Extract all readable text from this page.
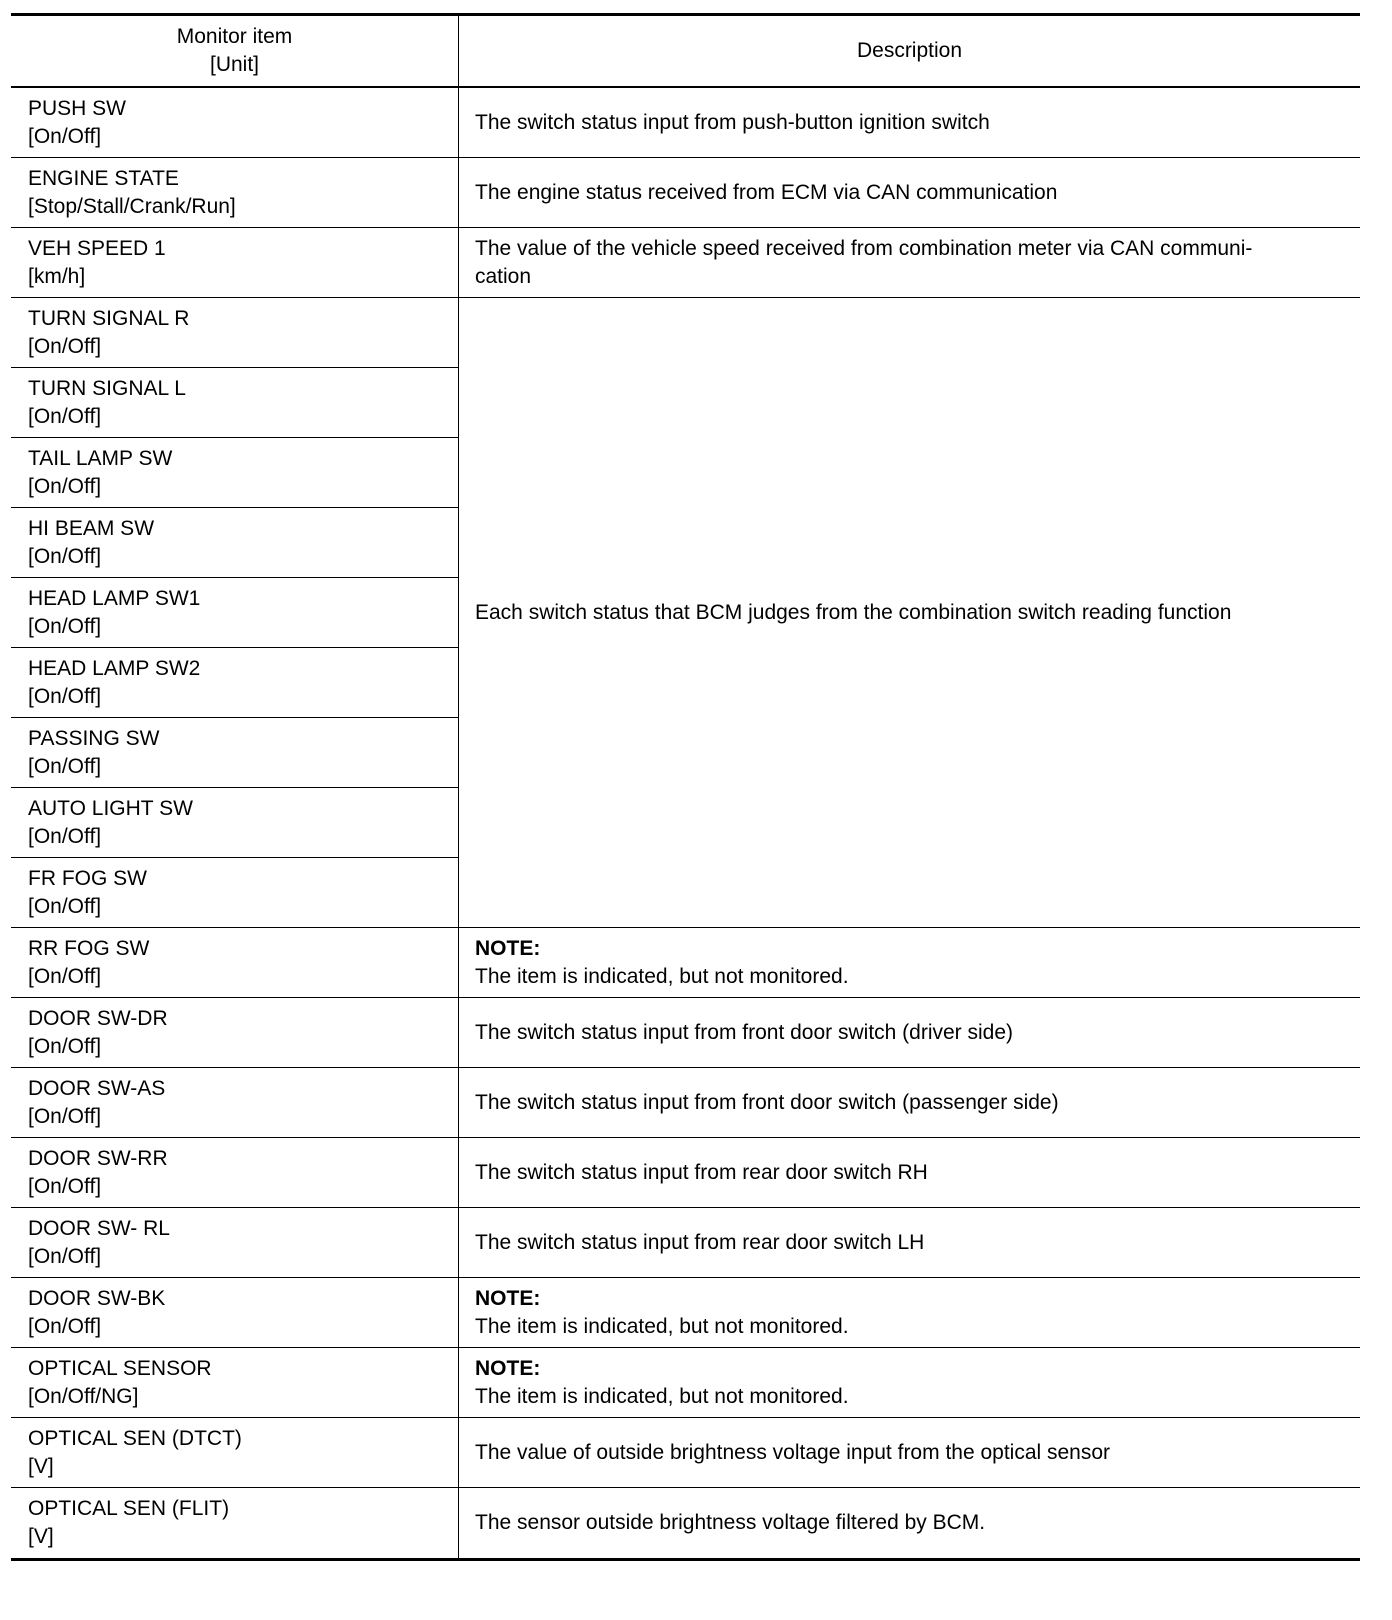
Monitor item
[Unit]
Description
PUSH SW
[On/Off]
The switch status input from push-button ignition switch
ENGINE STATE
[Stop/Stall/Crank/Run]
The engine status received from ECM via CAN communication
VEH SPEED 1
[km/h]
The value of the vehicle speed received from combination meter via CAN communi-
cation
TURN SIGNAL R
[On/Off]
Each switch status that BCM judges from the combination switch reading function
TURN SIGNAL L
[On/Off]
TAIL LAMP SW
[On/Off]
HI BEAM SW
[On/Off]
HEAD LAMP SW1
[On/Off]
HEAD LAMP SW2
[On/Off]
PASSING SW
[On/Off]
AUTO LIGHT SW
[On/Off]
FR FOG SW
[On/Off]
RR FOG SW
[On/Off]
NOTE:
The item is indicated, but not monitored.
DOOR SW-DR
[On/Off]
The switch status input from front door switch (driver side)
DOOR SW-AS
[On/Off]
The switch status input from front door switch (passenger side)
DOOR SW-RR
[On/Off]
The switch status input from rear door switch RH
DOOR SW- RL
[On/Off]
The switch status input from rear door switch LH
DOOR SW-BK
[On/Off]
NOTE:
The item is indicated, but not monitored.
OPTICAL SENSOR
[On/Off/NG]
NOTE:
The item is indicated, but not monitored.
OPTICAL SEN (DTCT)
[V]
The value of outside brightness voltage input from the optical sensor
OPTICAL SEN (FLIT)
[V]
The sensor outside brightness voltage filtered by BCM.
